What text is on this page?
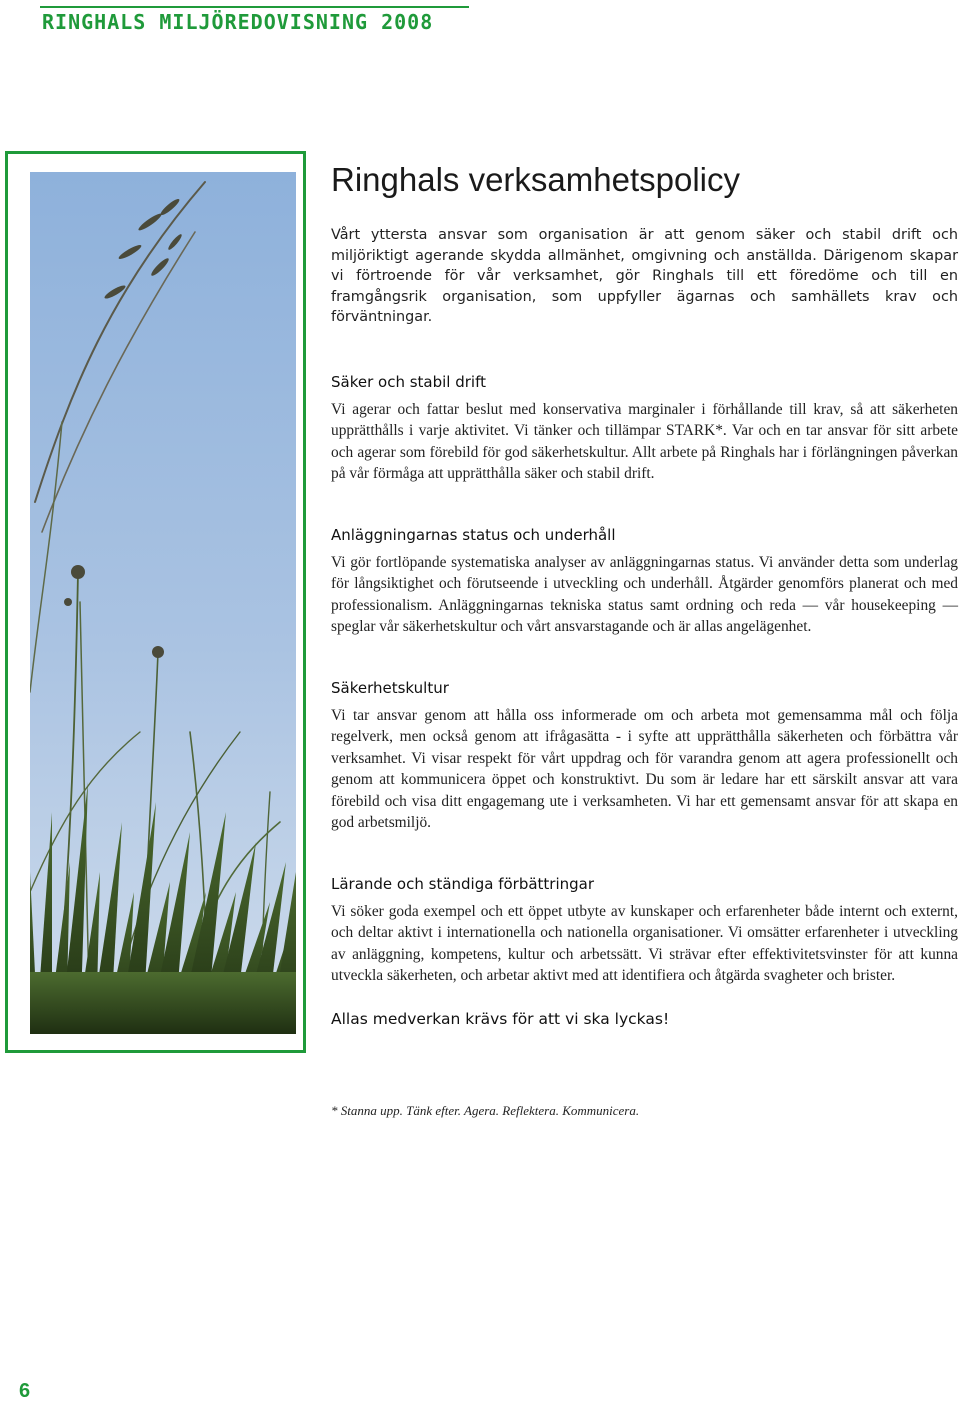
RINGHALS MILJÖREDOVISNING 2008
Ringhals verksamhetspolicy

Vårt yttersta ansvar som organisation är att genom säker och stabil drift och miljöriktigt agerande skydda allmänhet, omgivning och anställda. Därigenom skapar vi förtroende för vår verksamhet, gör Ringhals till ett föredöme och till en framgångsrik organisation, som uppfyller ägarnas och samhällets krav och förväntningar.

Säker och stabil drift

Vi agerar och fattar beslut med konservativa marginaler i förhållande till krav, så att säkerheten upprätthålls i varje aktivitet. Vi tänker och tillämpar STARK*. Var och en tar ansvar för sitt arbete och agerar som förebild för god säkerhetskultur. Allt arbete på Ringhals har i förlängningen påverkan på vår förmåga att upprätthålla säker och stabil drift.

Anläggningarnas status och underhåll

Vi gör fortlöpande systematiska analyser av anläggningarnas status. Vi använder detta som underlag för långsiktighet och förutseende i utveckling och underhåll. Åtgärder genomförs planerat och med professionalism. Anläggningarnas tekniska status samt ordning och reda — vår housekeeping — speglar vår säkerhetskultur och vårt ansvarstagande och är allas angelägenhet.

Säkerhetskultur

Vi tar ansvar genom att hålla oss informerade om och arbeta mot gemensamma mål och följa regelverk, men också genom att ifrågasätta - i syfte att upprätthålla säkerheten och förbättra vår verksamhet. Vi visar respekt för vårt uppdrag och för varandra genom att agera professionellt och genom att kommunicera öppet och konstruktivt. Du som är ledare har ett särskilt ansvar att vara förebild och visa ditt engagemang ute i verksamheten. Vi har ett gemensamt ansvar för att skapa en god arbetsmiljö.

Lärande och ständiga förbättringar

Vi söker goda exempel och ett öppet utbyte av kunskaper och erfarenheter både internt och externt, och deltar aktivt i internationella och nationella organisationer. Vi omsätter erfarenheter i utveckling av anläggning, kompetens, kultur och arbetssätt. Vi strävar efter effektivitetsvinster för att kunna utveckla säkerheten, och arbetar aktivt med att identifiera och åtgärda svagheter och brister.

Allas medverkan krävs för att vi ska lyckas!

* Stanna upp. Tänk efter. Agera. Reflektera. Kommunicera.
6
